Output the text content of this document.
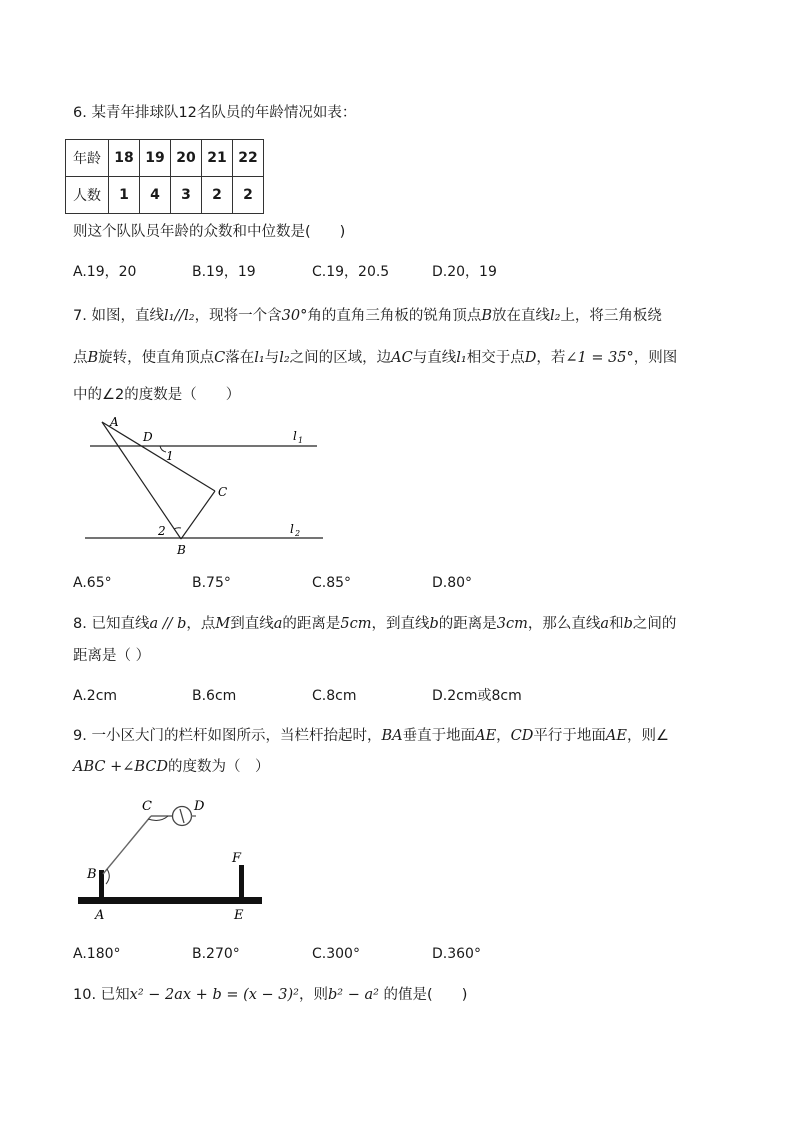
6. 某青年排球队12名队员的年龄情况如表：
年龄	18	19	20	21	22
人数	1	4	3	2	2
则这个队队员年龄的众数和中位数是(　　)
A.19，20	B.19，19	C.19，20.5	D.20，19
7. 如图，直线l₁//l₂，现将一个含30°角的直角三角板的锐角顶点B放在直线l₂上，将三角板绕
点B旋转，使直角顶点C落在l₁与l₂之间的区域，边AC与直线l₁相交于点D，若∠1 = 35°，则图
中的∠2的度数是（　　）
A
D
1
C
2
B
l 1
l 2
A.65°	B.75°	C.85°	D.80°
8. 已知直线a // b，点M到直线a的距离是5cm，到直线b的距离是3cm，那么直线a和b之间的
距离是（ ）
A.2cm	B.6cm	C.8cm	D.2cm或8cm
9. 一小区大门的栏杆如图所示，当栏杆抬起时，BA垂直于地面AE，CD平行于地面AE，则∠
ABC +∠BCD的度数为（　）
C	D
B
F
A	E
A.180°	B.270°	C.300°	D.360°
10. 已知x² − 2ax + b = (x − 3)²，则b² − a² 的值是(　　)
